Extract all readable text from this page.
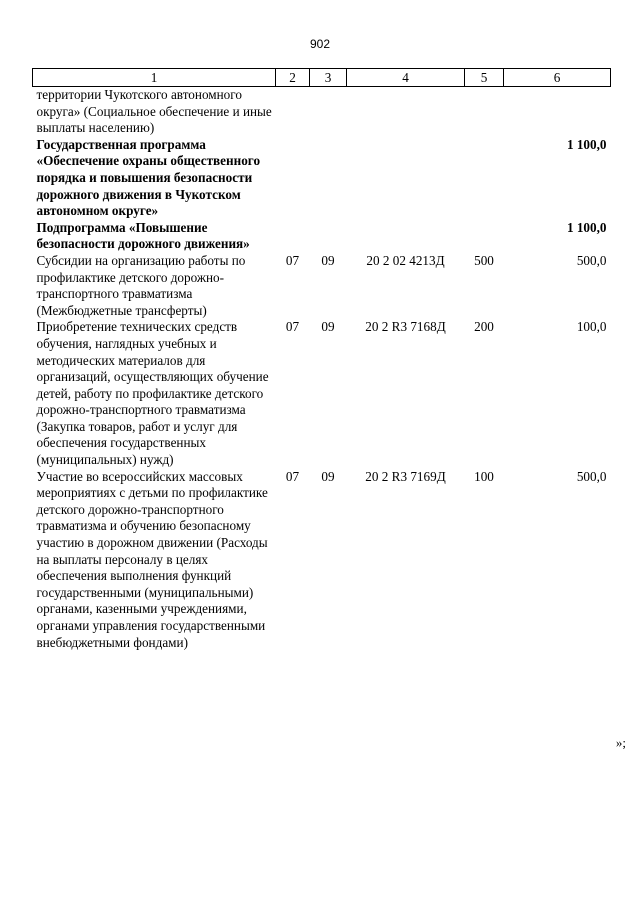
902
1	2	3	4	5	6
территории Чукотского автономного округа» (Социальное обеспечение и иные выплаты населению)					
Государственная программа «Обеспечение охраны общественного порядка и повышения безопасности дорожного движения в Чукотском автономном округе»					1 100,0
Подпрограмма «Повышение безопасности дорожного движения»					1 100,0
Субсидии на организацию работы по профилактике детского дорожно-транспортного травматизма (Межбюджетные трансферты)	07	09	20 2 02 4213Д	500	500,0
Приобретение технических средств обучения, наглядных учебных и методических материалов для организаций, осуществляющих обучение детей, работу по профилактике детского дорожно-транспортного травматизма (Закупка товаров, работ и услуг для обеспечения государственных (муниципальных) нужд)	07	09	20 2 R3 7168Д	200	100,0
Участие во всероссийских массовых мероприятиях с детьми по профилактике детского дорожно-транспортного травматизма и обучению безопасному участию в дорожном движении (Расходы на выплаты персоналу в целях обеспечения выполнения функций государственными (муниципальными) органами, казенными учреждениями, органами управления государственными внебюджетными фондами)	07	09	20 2 R3 7169Д	100	500,0
»;
